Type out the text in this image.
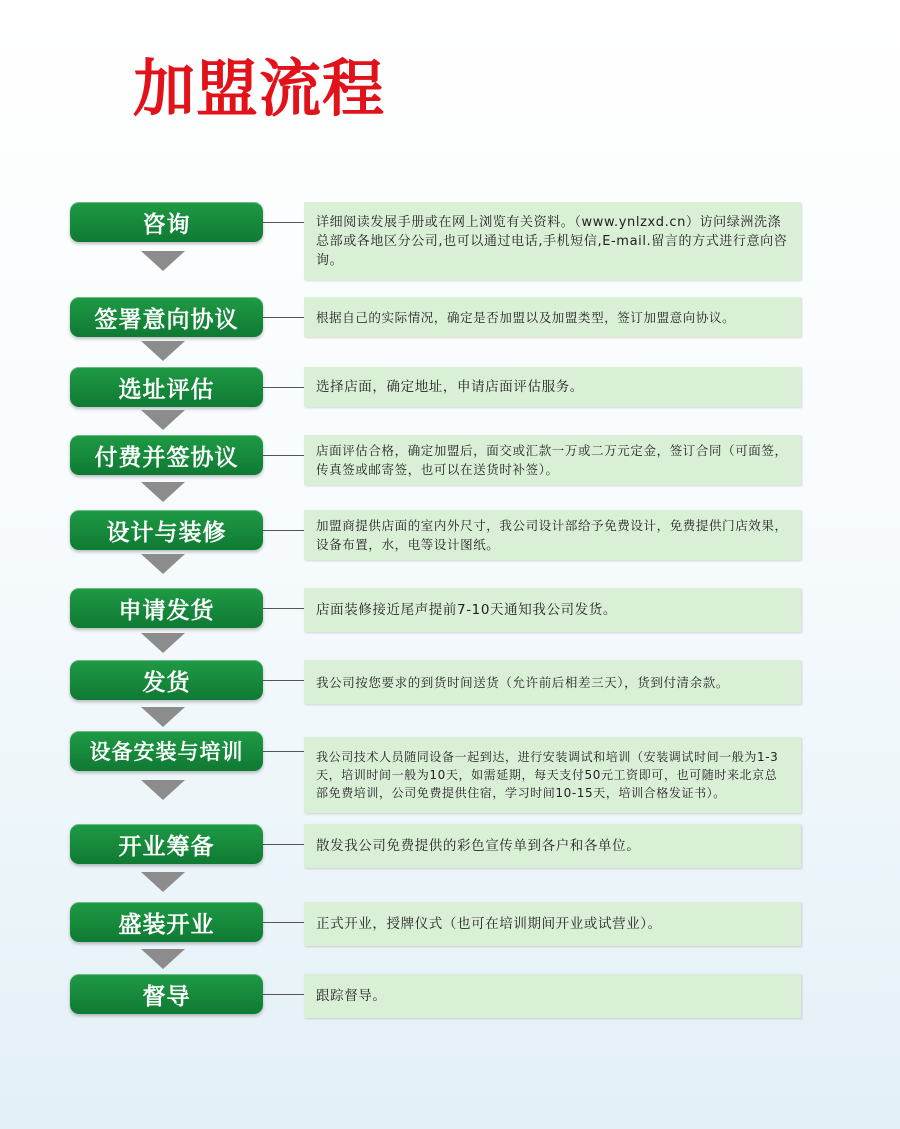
加盟流程
咨询	详细阅读发展手册或在网上浏览有关资料。（www.ynlzxd.cn）访问绿洲洗涤总部或各地区分公司,也可以通过电话,手机短信,E-mail.留言的方式进行意向咨询。
签署意向协议	根据自己的实际情况，确定是否加盟以及加盟类型，签订加盟意向协议。
选址评估	选择店面，确定地址，申请店面评估服务。
付费并签协议	店面评估合格，确定加盟后，面交或汇款一万或二万元定金，签订合同（可面签，传真签或邮寄签，也可以在送货时补签）。
设计与装修	加盟商提供店面的室内外尺寸，我公司设计部给予免费设计，免费提供门店效果，设备布置，水，电等设计图纸。
申请发货	店面装修接近尾声提前7-10天通知我公司发货。
发货	我公司按您要求的到货时间送货（允许前后相差三天），货到付清余款。
设备安装与培训	我公司技术人员随同设备一起到达，进行安装调试和培训（安装调试时间一般为1-3天，培训时间一般为10天，如需延期，每天支付50元工资即可，也可随时来北京总部免费培训，公司免费提供住宿，学习时间10-15天，培训合格发证书）。
开业筹备	散发我公司免费提供的彩色宣传单到各户和各单位。
盛装开业	正式开业，授牌仪式（也可在培训期间开业或试营业）。
督导	跟踪督导。
